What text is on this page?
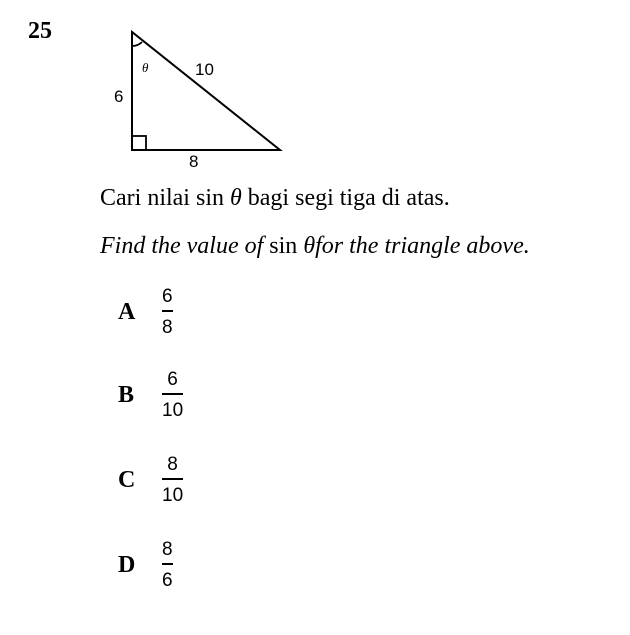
25
θ
6
10
8
Cari nilai sin θ bagi segi tiga di atas.
Find the value of sin θfor the triangle above.
A	$\frac{6}{8}$
B	$\frac{6}{10}$
C	$\frac{8}{10}$
D	$\frac{8}{6}$
